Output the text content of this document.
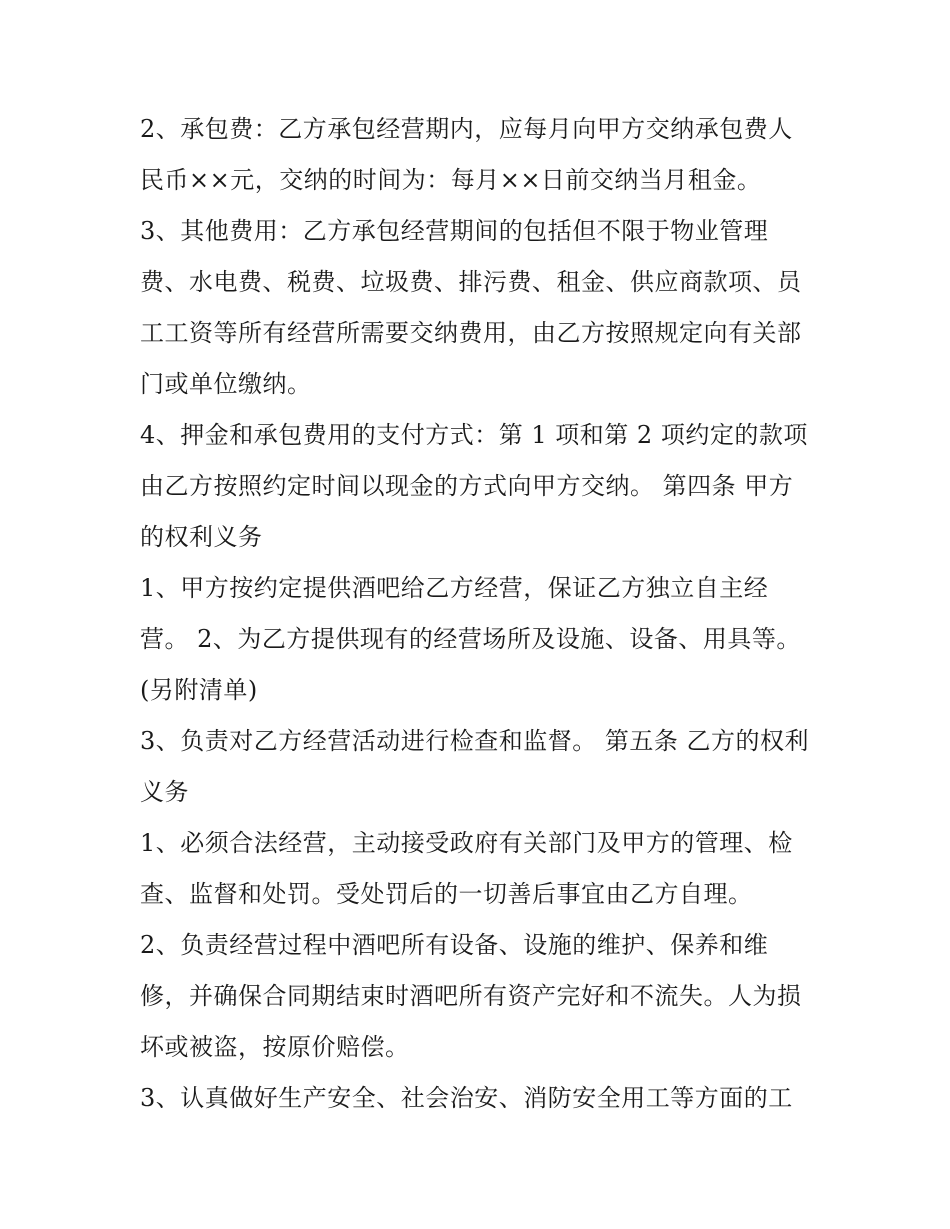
2、承包费：乙方承包经营期内，应每月向甲方交纳承包费人
民币××元，交纳的时间为：每月××日前交纳当月租金。
3、其他费用：乙方承包经营期间的包括但不限于物业管理
费、水电费、税费、垃圾费、排污费、租金、供应商款项、员
工工资等所有经营所需要交纳费用，由乙方按照规定向有关部
门或单位缴纳。
4、押金和承包费用的支付方式：第 1 项和第 2 项约定的款项
由乙方按照约定时间以现金的方式向甲方交纳。 第四条 甲方
的权利义务
1、甲方按约定提供酒吧给乙方经营，保证乙方独立自主经
营。 2、为乙方提供现有的经营场所及设施、设备、用具等。
(另附清单)
3、负责对乙方经营活动进行检查和监督。 第五条 乙方的权利
义务
1、必须合法经营，主动接受政府有关部门及甲方的管理、检
查、监督和处罚。受处罚后的一切善后事宜由乙方自理。
2、负责经营过程中酒吧所有设备、设施的维护、保养和维
修，并确保合同期结束时酒吧所有资产完好和不流失。人为损
坏或被盗，按原价赔偿。
3、认真做好生产安全、社会治安、消防安全用工等方面的工
